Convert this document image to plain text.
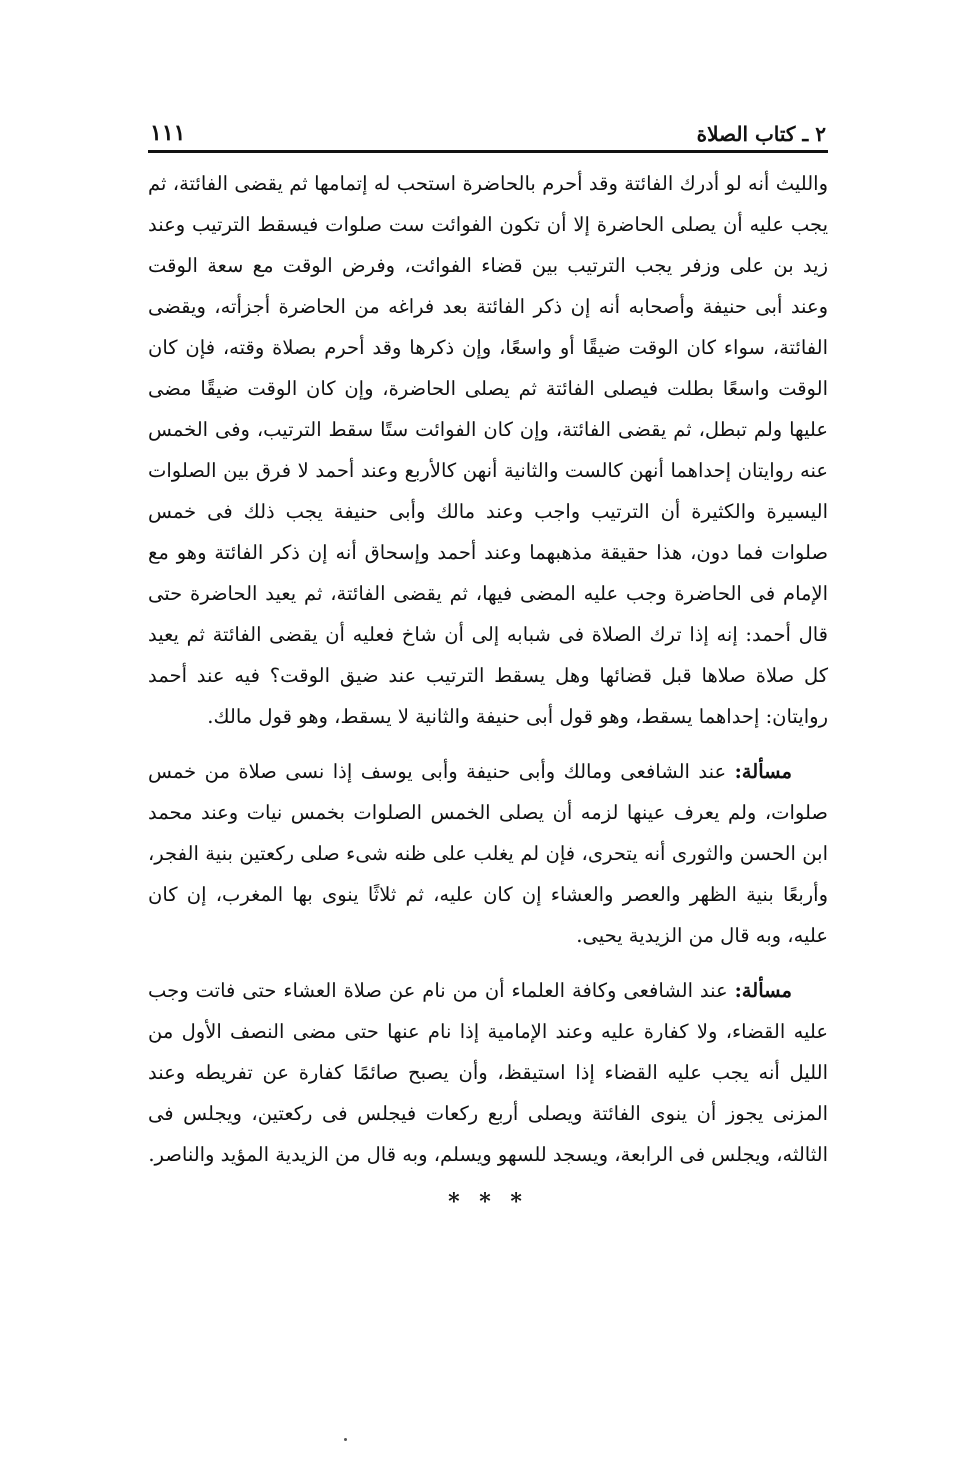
٢ ـ كتاب الصلاة
١١١

والليث أنه لو أدرك الفائتة وقد أحرم بالحاضرة استحب له إتمامها ثم يقضى الفائتة، ثم يجب عليه أن يصلى الحاضرة إلا أن تكون الفوائت ست صلوات فيسقط الترتيب وعند زيد بن على وزفر يجب الترتيب بين قضاء الفوائت، وفرض الوقت مع سعة الوقت وعند أبى حنيفة وأصحابه أنه إن ذكر الفائتة بعد فراغه من الحاضرة أجزأته، ويقضى الفائتة، سواء كان الوقت ضيقًا أو واسعًا، وإن ذكرها وقد أحرم بصلاة وقته، فإن كان الوقت واسعًا بطلت فيصلى الفائتة ثم يصلى الحاضرة، وإن كان الوقت ضيقًا مضى عليها ولم تبطل، ثم يقضى الفائتة، وإن كان الفوائت ستًا سقط الترتيب، وفى الخمس عنه روايتان إحداهما أنهن كالست والثانية أنهن كالأربع وعند أحمد لا فرق بين الصلوات اليسيرة والكثيرة أن الترتيب واجب وعند مالك وأبى حنيفة يجب ذلك فى خمس صلوات فما دون، هذا حقيقة مذهبهما وعند أحمد وإسحاق أنه إن ذكر الفائتة وهو مع الإمام فى الحاضرة وجب عليه المضى فيها، ثم يقضى الفائتة، ثم يعيد الحاضرة حتى قال أحمد: إنه إذا ترك الصلاة فى شبابه إلى أن شاخ فعليه أن يقضى الفائتة ثم يعيد كل صلاة صلاها قبل قضائها وهل يسقط الترتيب عند ضيق الوقت؟ فيه عند أحمد روايتان: إحداهما يسقط، وهو قول أبى حنيفة والثانية لا يسقط، وهو قول مالك.

مسألة: عند الشافعى ومالك وأبى حنيفة وأبى يوسف إذا نسى صلاة من خمس صلوات، ولم يعرف عينها لزمه أن يصلى الخمس الصلوات بخمس نيات وعند محمد ابن الحسن والثورى أنه يتحرى، فإن لم يغلب على ظنه شىء صلى ركعتين بنية الفجر، وأربعًا بنية الظهر والعصر والعشاء إن كان عليه، ثم ثلاثًا ينوى بها المغرب، إن كان عليه، وبه قال من الزيدية يحيى.

مسألة: عند الشافعى وكافة العلماء أن من نام عن صلاة العشاء حتى فاتت وجب عليه القضاء، ولا كفارة عليه وعند الإمامية إذا نام عنها حتى مضى النصف الأول من الليل أنه يجب عليه القضاء إذا استيقظ، وأن يصبح صائمًا كفارة عن تفريطه وعند المزنى يجوز أن ينوى الفائتة ويصلى أربع ركعات فيجلس فى ركعتين، ويجلس فى الثالثه، ويجلس فى الرابعة، ويسجد للسهو ويسلم، وبه قال من الزيدية المؤيد والناصر.

* * *
